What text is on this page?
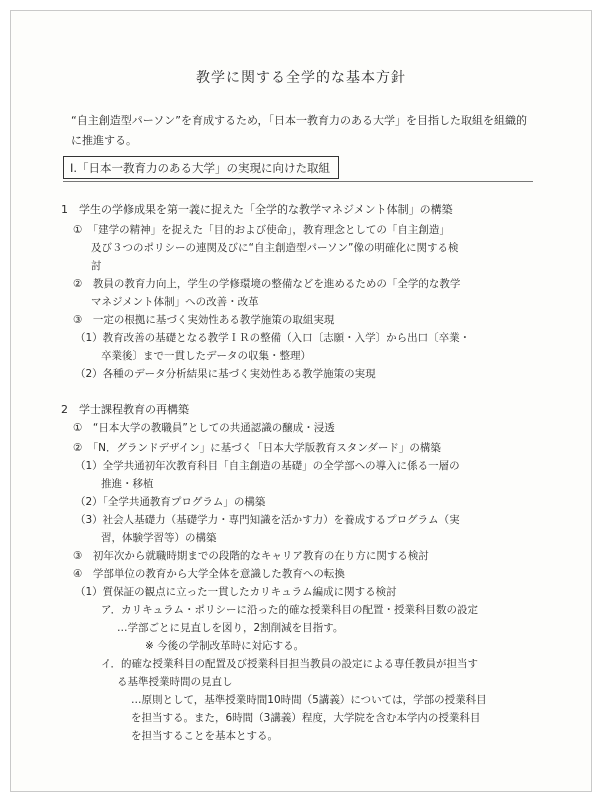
教学に関する全学的な基本方針
“自主創造型パーソン”を育成するため，「日本一教育力のある大学」を目指した取組を組織的に推進する。
Ⅰ.「日本一教育力のある大学」の実現に向けた取組
1　学生の学修成果を第一義に捉えた「全学的な教学マネジメント体制」の構築
①　「建学の精神」を捉えた「目的および使命」，教育理念としての「自主創造」
及び３つのポリシーの連関及びに“自主創造型パーソン”像の明確化に関する検
討
②　教員の教育力向上，学生の学修環境の整備などを進めるための「全学的な教学
マネジメント体制」への改善・改革
③　一定の根拠に基づく実効性ある教学施策の取組実現
（1）教育改善の基礎となる教学ＩＲの整備（入口〔志願・入学〕から出口〔卒業・
卒業後〕まで一貫したデータの収集・整理）
（2）各種のデータ分析結果に基づく実効性ある教学施策の実現
2　学士課程教育の再構築
①　“日本大学の教職員”としての共通認識の醸成・浸透
②　「N．グランドデザイン」に基づく「日本大学版教育スタンダード」の構築
（1）全学共通初年次教育科目「自主創造の基礎」の全学部への導入に係る一層の
推進・移植
（2）「全学共通教育プログラム」の構築
（3）社会人基礎力（基礎学力・専門知識を活かす力）を養成するプログラム（実
習，体験学習等）の構築
③　初年次から就職時期までの段階的なキャリア教育の在り方に関する検討
④　学部単位の教育から大学全体を意識した教育への転換
（1）質保証の観点に立った一貫したカリキュラム編成に関する検討
ア．カリキュラム・ポリシーに沿った的確な授業科目の配置・授業科目数の設定
…学部ごとに見直しを図り，2割削減を目指す。
※ 今後の学制改革時に対応する。
イ．的確な授業科目の配置及び授業科目担当教員の設定による専任教員が担当す
る基準授業時間の見直し
…原則として，基準授業時間10時間（5講義）については，学部の授業科目
を担当する。また，6時間（3講義）程度，大学院を含む本学内の授業科目
を担当することを基本とする。
